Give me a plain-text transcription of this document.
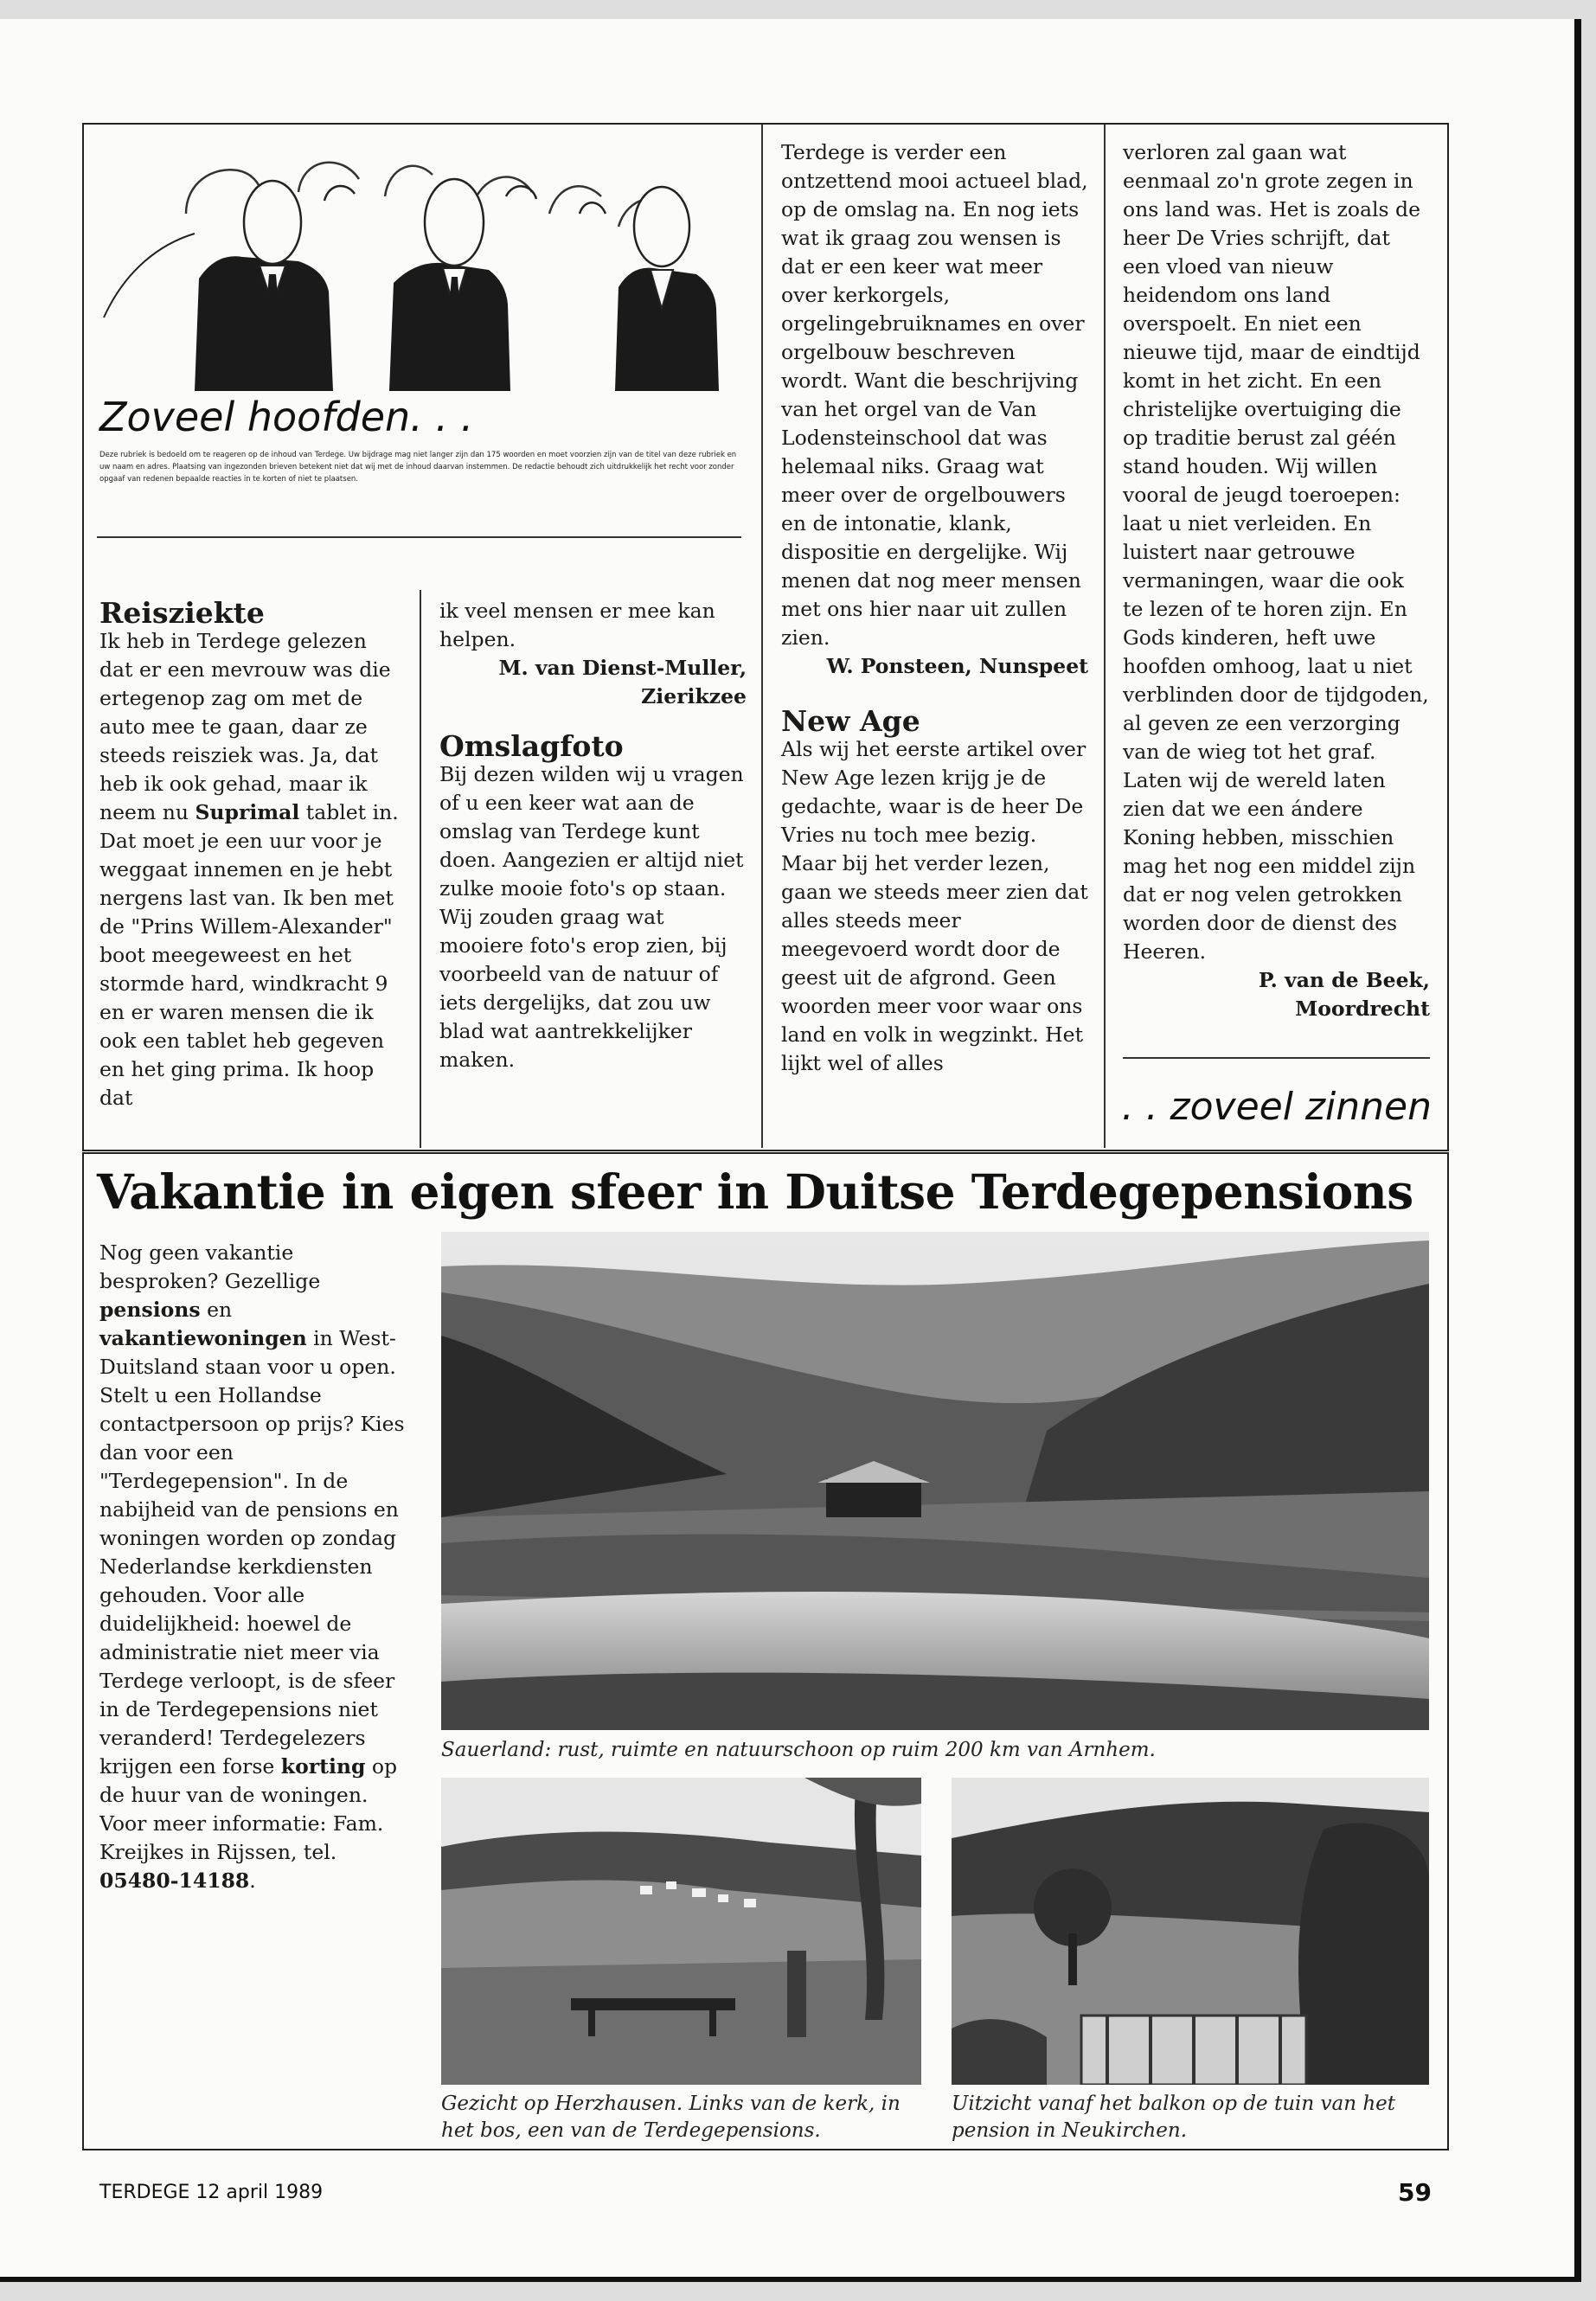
Zoveel hoofden. . .
Deze rubriek is bedoeld om te reageren op de inhoud van Terdege. Uw bijdrage mag niet langer zijn dan 175 woorden en moet voorzien zijn van de titel van deze rubriek en uw naam en adres. Plaatsing van ingezonden brieven betekent niet dat wij met de inhoud daarvan instemmen. De redactie behoudt zich uitdrukkelijk het recht voor zonder opgaaf van redenen bepaalde reacties in te korten of niet te plaatsen.

Reisziekte

Ik heb in Terdege gelezen dat er een mevrouw was die ertegenop zag om met de auto mee te gaan, daar ze steeds reisziek was. Ja, dat heb ik ook gehad, maar ik neem nu Suprimal tablet in. Dat moet je een uur voor je weggaat innemen en je hebt nergens last van. Ik ben met de "Prins Willem-Alexander" boot meegeweest en het stormde hard, windkracht 9 en er waren mensen die ik ook een tablet heb gegeven en het ging prima. Ik hoop dat

ik veel mensen er mee kan helpen.

M. van Dienst-Muller,

Zierikzee

Omslagfoto

Bij dezen wilden wij u vragen of u een keer wat aan de omslag van Terdege kunt doen. Aangezien er altijd niet zulke mooie foto's op staan. Wij zouden graag wat mooiere foto's erop zien, bij voorbeeld van de natuur of iets dergelijks, dat zou uw blad wat aantrekkelijker maken.

Terdege is verder een ontzettend mooi actueel blad, op de omslag na. En nog iets wat ik graag zou wensen is dat er een keer wat meer over kerkorgels, orgelingebruiknames en over orgelbouw beschreven wordt. Want die beschrijving van het orgel van de Van Lodensteinschool dat was helemaal niks. Graag wat meer over de orgelbouwers en de intonatie, klank, dispositie en dergelijke. Wij menen dat nog meer mensen met ons hier naar uit zullen zien.

W. Ponsteen, Nunspeet

New Age

Als wij het eerste artikel over New Age lezen krijg je de gedachte, waar is de heer De Vries nu toch mee bezig. Maar bij het verder lezen, gaan we steeds meer zien dat alles steeds meer meegevoerd wordt door de geest uit de afgrond. Geen woorden meer voor waar ons land en volk in wegzinkt. Het lijkt wel of alles

verloren zal gaan wat eenmaal zo'n grote zegen in ons land was. Het is zoals de heer De Vries schrijft, dat een vloed van nieuw heidendom ons land overspoelt. En niet een nieuwe tijd, maar de eindtijd komt in het zicht. En een christelijke overtuiging die op traditie berust zal géén stand houden. Wij willen vooral de jeugd toeroepen: laat u niet verleiden. En luistert naar getrouwe vermaningen, waar die ook te lezen of te horen zijn. En Gods kinderen, heft uwe hoofden omhoog, laat u niet verblinden door de tijdgoden, al geven ze een verzorging van de wieg tot het graf. Laten wij de wereld laten zien dat we een ándere Koning hebben, misschien mag het nog een middel zijn dat er nog velen getrokken worden door de dienst des Heeren.

P. van de Beek,

Moordrecht

. . zoveel zinnen
Vakantie in eigen sfeer in Duitse Terdegepensions

Nog geen vakantie besproken? Gezellige pensions en vakantiewoningen in West-Duitsland staan voor u open. Stelt u een Hollandse contactpersoon op prijs? Kies dan voor een "Terdegepension". In de nabijheid van de pensions en woningen worden op zondag Nederlandse kerkdiensten gehouden. Voor alle duidelijkheid: hoewel de administratie niet meer via Terdege verloopt, is de sfeer in de Terdegepensions niet veranderd! Terdegelezers krijgen een forse korting op de huur van de woningen. Voor meer informatie: Fam. Kreijkes in Rijssen, tel. 05480-14188.

Sauerland: rust, ruimte en natuurschoon op ruim 200 km van Arnhem.
Gezicht op Herzhausen. Links van de kerk, in het bos, een van de Terdegepensions.
Uitzicht vanaf het balkon op de tuin van het pension in Neukirchen.
TERDEGE 12 april 1989	59
